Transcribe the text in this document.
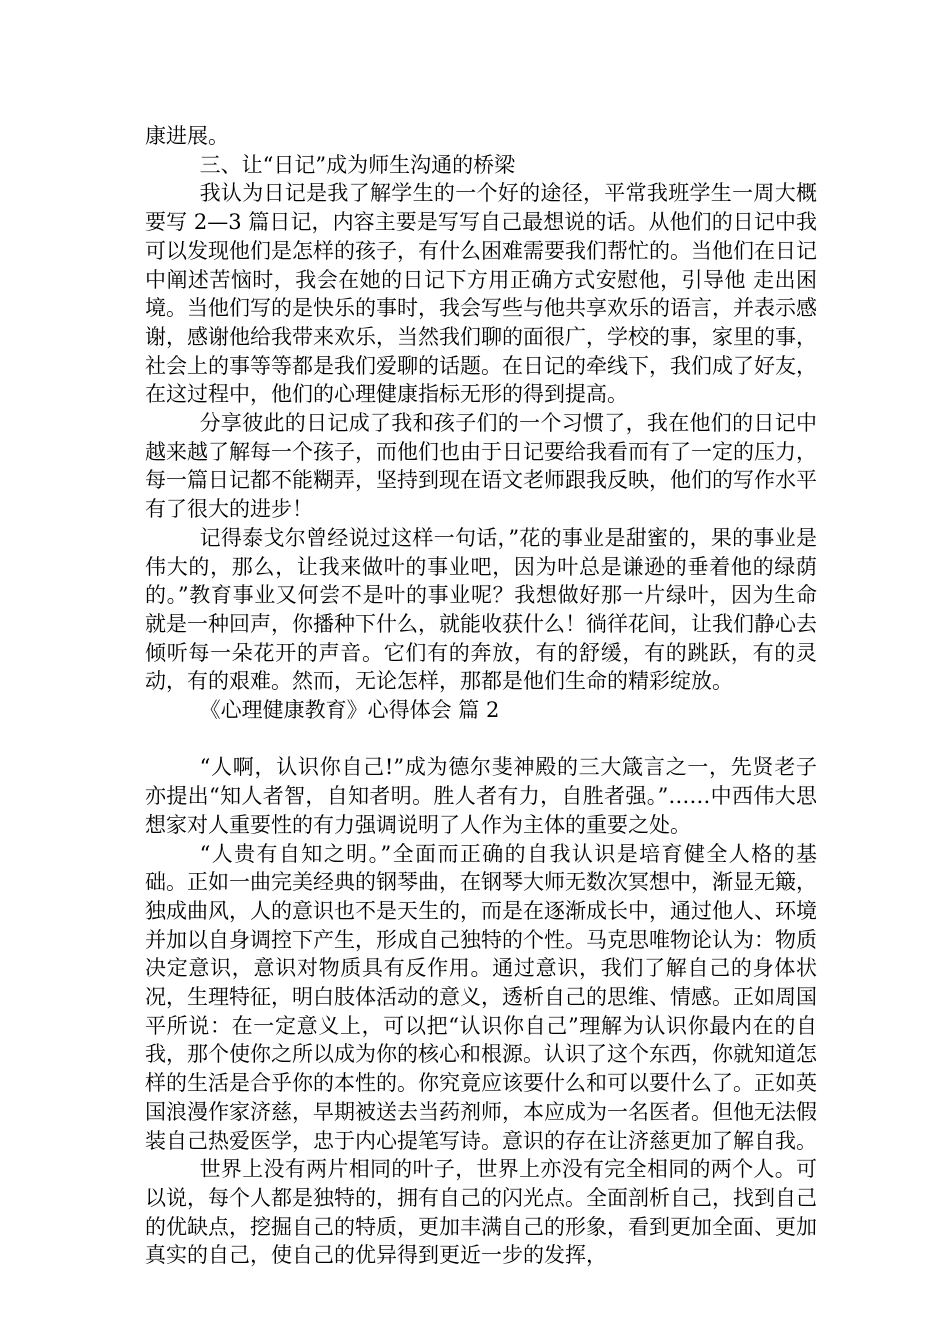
康进展。

三、让“日记”成为师生沟通的桥梁

我认为日记是我了解学生的一个好的途径，平常我班学生一周大概要写 2—3 篇日记，内容主要是写写自己最想说的话。从他们的日记中我可以发现他们是怎样的孩子，有什么困难需要我们帮忙的。当他们在日记中阐述苦恼时，我会在她的日记下方用正确方式安慰他，引导他 走出困境。当他们写的是快乐的事时，我会写些与他共享欢乐的语言，并表示感谢，感谢他给我带来欢乐，当然我们聊的面很广，学校的事，家里的事，社会上的事等等都是我们爱聊的话题。在日记的牵线下，我们成了好友，在这过程中，他们的心理健康指标无形的得到提高。

分享彼此的日记成了我和孩子们的一个习惯了，我在他们的日记中越来越了解每一个孩子，而他们也由于日记要给我看而有了一定的压力，每一篇日记都不能糊弄，坚持到现在语文老师跟我反映，他们的写作水平有了很大的进步！

记得泰戈尔曾经说过这样一句话，”花的事业是甜蜜的，果的事业是伟大的，那么，让我来做叶的事业吧，因为叶总是谦逊的垂着他的绿荫的。”教育事业又何尝不是叶的事业呢？我想做好那一片绿叶，因为生命就是一种回声，你播种下什么，就能收获什么！徜徉花间，让我们静心去倾听每一朵花开的声音。它们有的奔放，有的舒缓，有的跳跃，有的灵动，有的艰难。然而，无论怎样，那都是他们生命的精彩绽放。

《心理健康教育》心得体会 篇 2

“人啊，认识你自己!”成为德尔斐神殿的三大箴言之一，先贤老子亦提出“知人者智，自知者明。胜人者有力，自胜者强。”……中西伟大思想家对人重要性的有力强调说明了人作为主体的重要之处。

“人贵有自知之明。”全面而正确的自我认识是培育健全人格的基础。正如一曲完美经典的钢琴曲，在钢琴大师无数次冥想中，渐显无簸，独成曲风，人的意识也不是天生的，而是在逐渐成长中，通过他人、环境并加以自身调控下产生，形成自己独特的个性。马克思唯物论认为：物质决定意识，意识对物质具有反作用。通过意识，我们了解自己的身体状况，生理特征，明白肢体活动的意义，透析自己的思维、情感。正如周国平所说：在一定意义上，可以把“认识你自己”理解为认识你最内在的自我，那个使你之所以成为你的核心和根源。认识了这个东西，你就知道怎样的生活是合乎你的本性的。你究竟应该要什么和可以要什么了。正如英国浪漫作家济慈，早期被送去当药剂师，本应成为一名医者。但他无法假装自己热爱医学，忠于内心提笔写诗。意识的存在让济慈更加了解自我。

世界上没有两片相同的叶子，世界上亦没有完全相同的两个人。可以说，每个人都是独特的，拥有自己的闪光点。全面剖析自己，找到自己的优缺点，挖掘自己的特质，更加丰满自己的形象，看到更加全面、更加真实的自己，使自己的优异得到更近一步的发挥，
